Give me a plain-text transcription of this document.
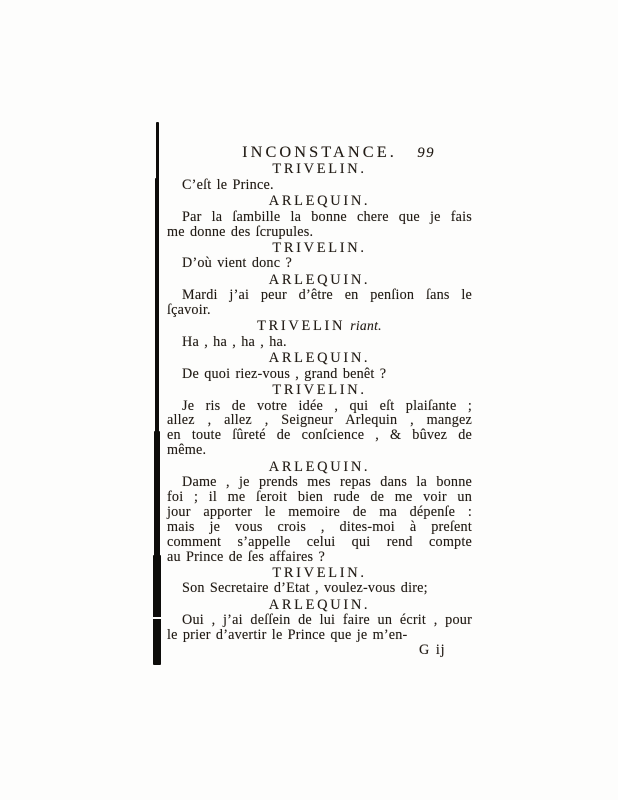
INCONSTANCE. 99
TRIVELIN.
C’eſt le Prince.
ARLEQUIN.
Par la ſambille la bonne chere que je fais
me donne des ſcrupules.
TRIVELIN.
D’où vient donc ?
ARLEQUIN.
Mardi j’ai peur d’être en penſion ſans le
ſçavoir.
TRIVELIN riant.
Ha , ha , ha , ha.
ARLEQUIN.
De quoi riez-vous , grand benêt ?
TRIVELIN.
Je ris de votre idée , qui eſt plaiſante ;
allez , allez , Seigneur Arlequin , mangez
en toute ſûreté de conſcience , & bûvez de
même.
ARLEQUIN.
Dame , je prends mes repas dans la bonne
foi ; il me ſeroit bien rude de me voir un
jour apporter le memoire de ma dépenſe :
mais je vous crois , dites-moi à preſent
comment s’appelle celui qui rend compte
au Prince de ſes affaires ?
TRIVELIN.
Son Secretaire d’Etat , voulez-vous dire;
ARLEQUIN.
Oui , j’ai deſſein de lui faire un écrit , pour
le prier d’avertir le Prince que je m’en-
G ij
